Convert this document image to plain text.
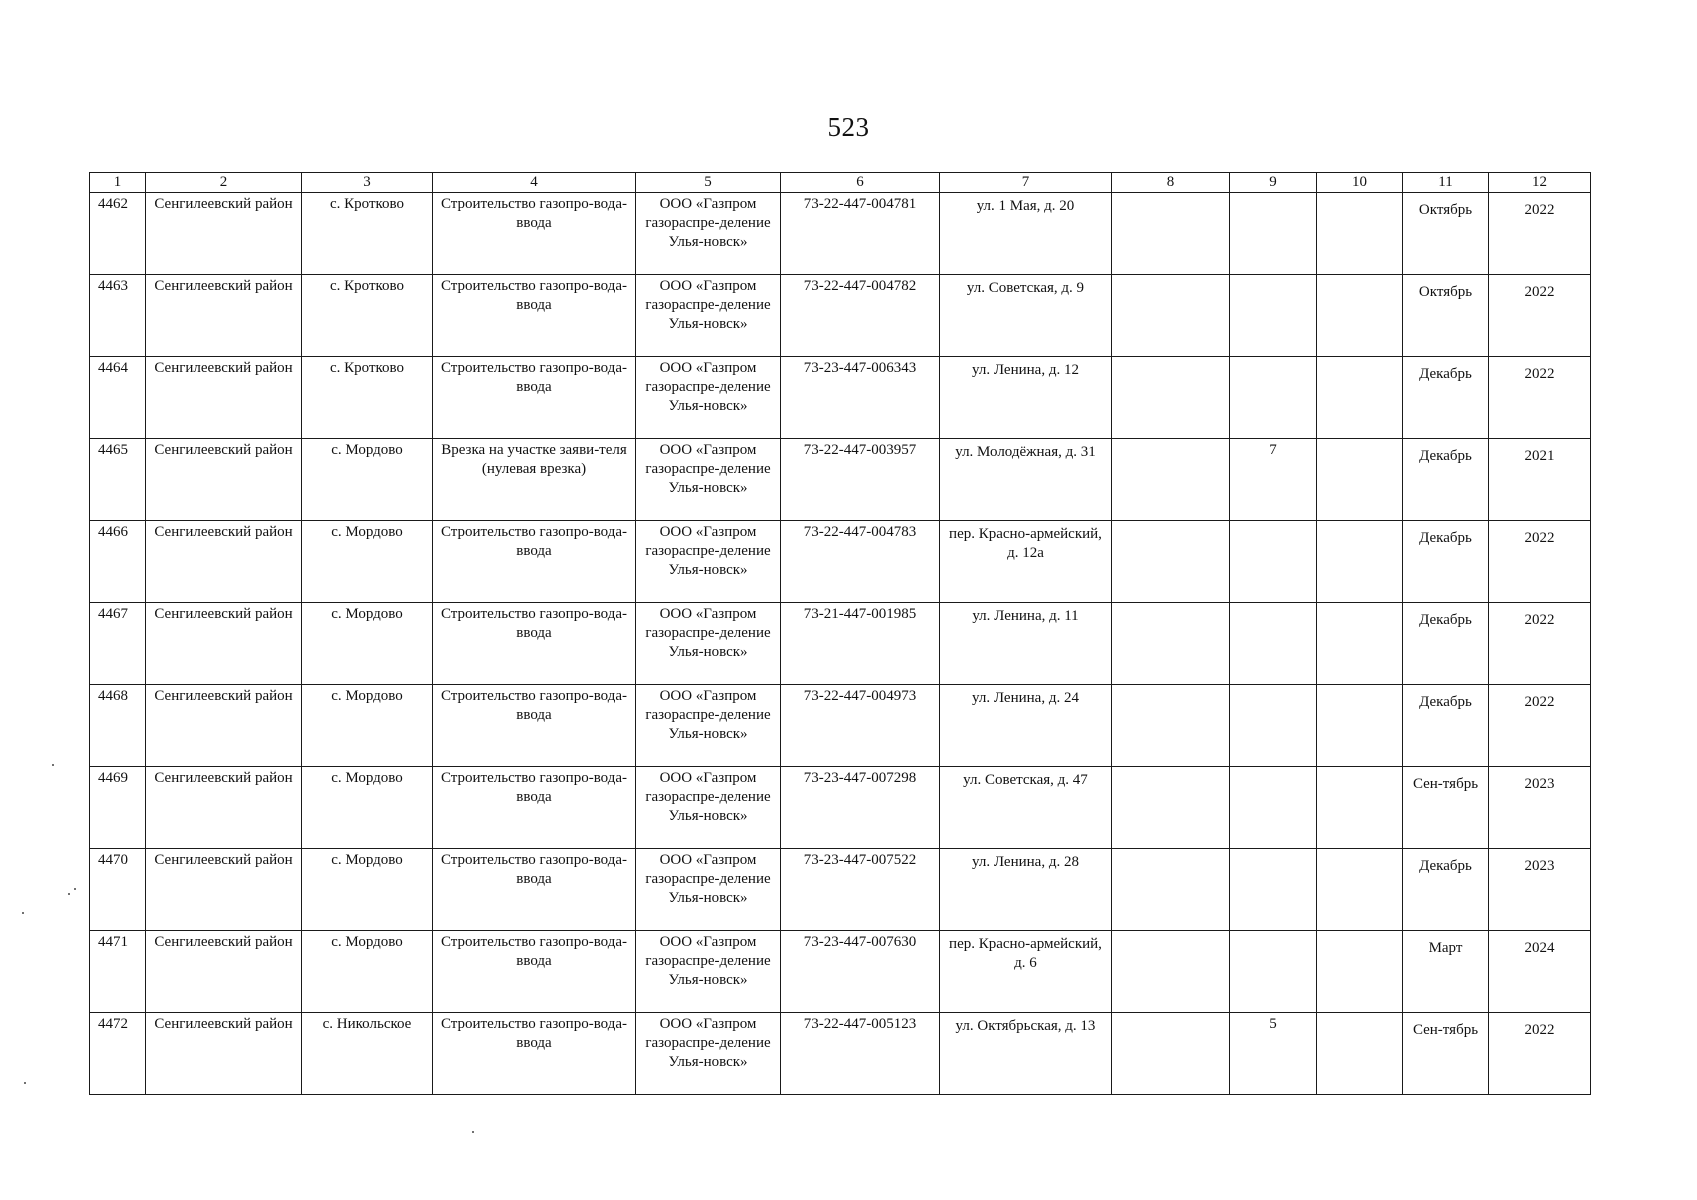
523
1	2	3	4	5	6	7	8	9	10	11	12
4462	Сенгилеевский район	с. Кротково	Строительство газопро-вода-ввода	ООО «Газпром газораспре-деление Улья-новск»	73-22-447-004781	ул. 1 Мая, д. 20				Октябрь	2022
4463	Сенгилеевский район	с. Кротково	Строительство газопро-вода-ввода	ООО «Газпром газораспре-деление Улья-новск»	73-22-447-004782	ул. Советская, д. 9				Октябрь	2022
4464	Сенгилеевский район	с. Кротково	Строительство газопро-вода-ввода	ООО «Газпром газораспре-деление Улья-новск»	73-23-447-006343	ул. Ленина, д. 12				Декабрь	2022
4465	Сенгилеевский район	с. Мордово	Врезка на участке заяви-теля (нулевая врезка)	ООО «Газпром газораспре-деление Улья-новск»	73-22-447-003957	ул. Молодёжная, д. 31		7		Декабрь	2021
4466	Сенгилеевский район	с. Мордово	Строительство газопро-вода-ввода	ООО «Газпром газораспре-деление Улья-новск»	73-22-447-004783	пер. Красно-армейский, д. 12а				Декабрь	2022
4467	Сенгилеевский район	с. Мордово	Строительство газопро-вода-ввода	ООО «Газпром газораспре-деление Улья-новск»	73-21-447-001985	ул. Ленина, д. 11				Декабрь	2022
4468	Сенгилеевский район	с. Мордово	Строительство газопро-вода-ввода	ООО «Газпром газораспре-деление Улья-новск»	73-22-447-004973	ул. Ленина, д. 24				Декабрь	2022
4469	Сенгилеевский район	с. Мордово	Строительство газопро-вода-ввода	ООО «Газпром газораспре-деление Улья-новск»	73-23-447-007298	ул. Советская, д. 47				Сен-тябрь	2023
4470	Сенгилеевский район	с. Мордово	Строительство газопро-вода-ввода	ООО «Газпром газораспре-деление Улья-новск»	73-23-447-007522	ул. Ленина, д. 28				Декабрь	2023
4471	Сенгилеевский район	с. Мордово	Строительство газопро-вода-ввода	ООО «Газпром газораспре-деление Улья-новск»	73-23-447-007630	пер. Красно-армейский, д. 6				Март	2024
4472	Сенгилеевский район	с. Никольское	Строительство газопро-вода-ввода	ООО «Газпром газораспре-деление Улья-новск»	73-22-447-005123	ул. Октябрьская, д. 13		5		Сен-тябрь	2022
